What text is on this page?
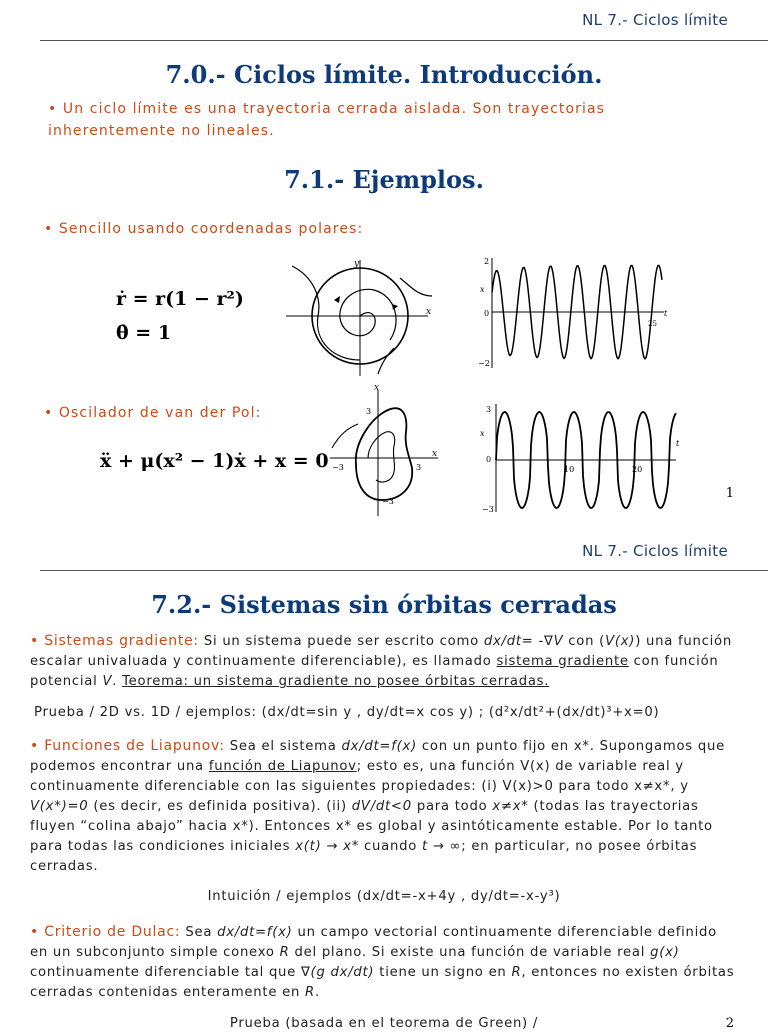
NL 7.- Ciclos límite
7.0.- Ciclos límite. Introducción.
• Un ciclo límite es una trayectoria cerrada aislada. Son trayectorias inherentemente no lineales.
7.1.- Ejemplos.
• Sencillo usando coordenadas polares:
ṙ = r(1 − r²)
θ̇ = 1
y
x
2
x
0
−2
25
t
• Oscilador de van der Pol:
ẍ + μ(x² − 1)ẋ + x = 0
ẋ
3
−3	3
x
−3
3
x
0
10	20
t
−3
1
NL 7.- Ciclos límite
7.2.- Sistemas sin órbitas cerradas
• Sistemas gradiente: Si un sistema puede ser escrito como dx/dt= -∇V con (V(x)) una función escalar univaluada y continuamente diferenciable), es llamado sistema gradiente con función potencial V. Teorema: un sistema gradiente no posee órbitas cerradas.
Prueba / 2D vs. 1D / ejemplos: (dx/dt=sin y , dy/dt=x cos y) ; (d²x/dt²+(dx/dt)³+x=0)
• Funciones de Liapunov: Sea el sistema dx/dt=f(x) con un punto fijo en x*. Supongamos que podemos encontrar una función de Liapunov; esto es, una función V(x) de variable real y continuamente diferenciable con las siguientes propiedades: (i) V(x)>0 para todo x≠x*, y V(x*)=0 (es decir, es definida positiva). (ii) dV/dt<0 para todo x≠x* (todas las trayectorias fluyen “colina abajo” hacia x*). Entonces x* es global y asintóticamente estable. Por lo tanto para todas las condiciones iniciales x(t) → x* cuando t → ∞; en particular, no posee órbitas cerradas.
Intuición / ejemplos (dx/dt=-x+4y , dy/dt=-x-y³)
• Criterio de Dulac: Sea dx/dt=f(x) un campo vectorial continuamente diferenciable definido en un subconjunto simple conexo R del plano. Si existe una función de variable real g(x) continuamente diferenciable tal que ∇(g dx/dt) tiene un signo en R, entonces no existen órbitas cerradas contenidas enteramente en R.
Prueba (basada en el teorema de Green) /	2
